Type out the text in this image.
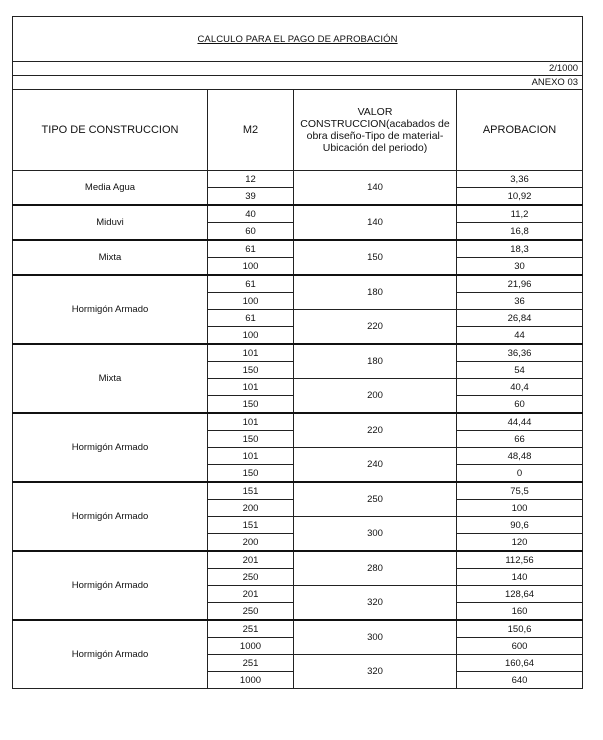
CALCULO PARA EL PAGO DE APROBACIÓN			
2/1000			
ANEXO 03			
TIPO DE CONSTRUCCION	M2	VALOR CONSTRUCCION(acabados de obra diseño-Tipo de material-Ubicación del periodo)	APROBACION
Media Agua	12	140	3,36
	39		10,92
Miduvi	40	140	11,2
	60		16,8
Mixta	61	150	18,3
	100		30
Hormigón Armado	61	180	21,96
	100		36
	61	220	26,84
	100		44
Mixta	101	180	36,36
	150		54
	101	200	40,4
	150		60
Hormigón Armado	101	220	44,44
	150		66
	101	240	48,48
	150		0
Hormigón Armado	151	250	75,5
	200		100
	151	300	90,6
	200		120
Hormigón Armado	201	280	112,56
	250		140
	201	320	128,64
	250		160
Hormigón Armado	251	300	150,6
	1000		600
	251	320	160,64
	1000		640
